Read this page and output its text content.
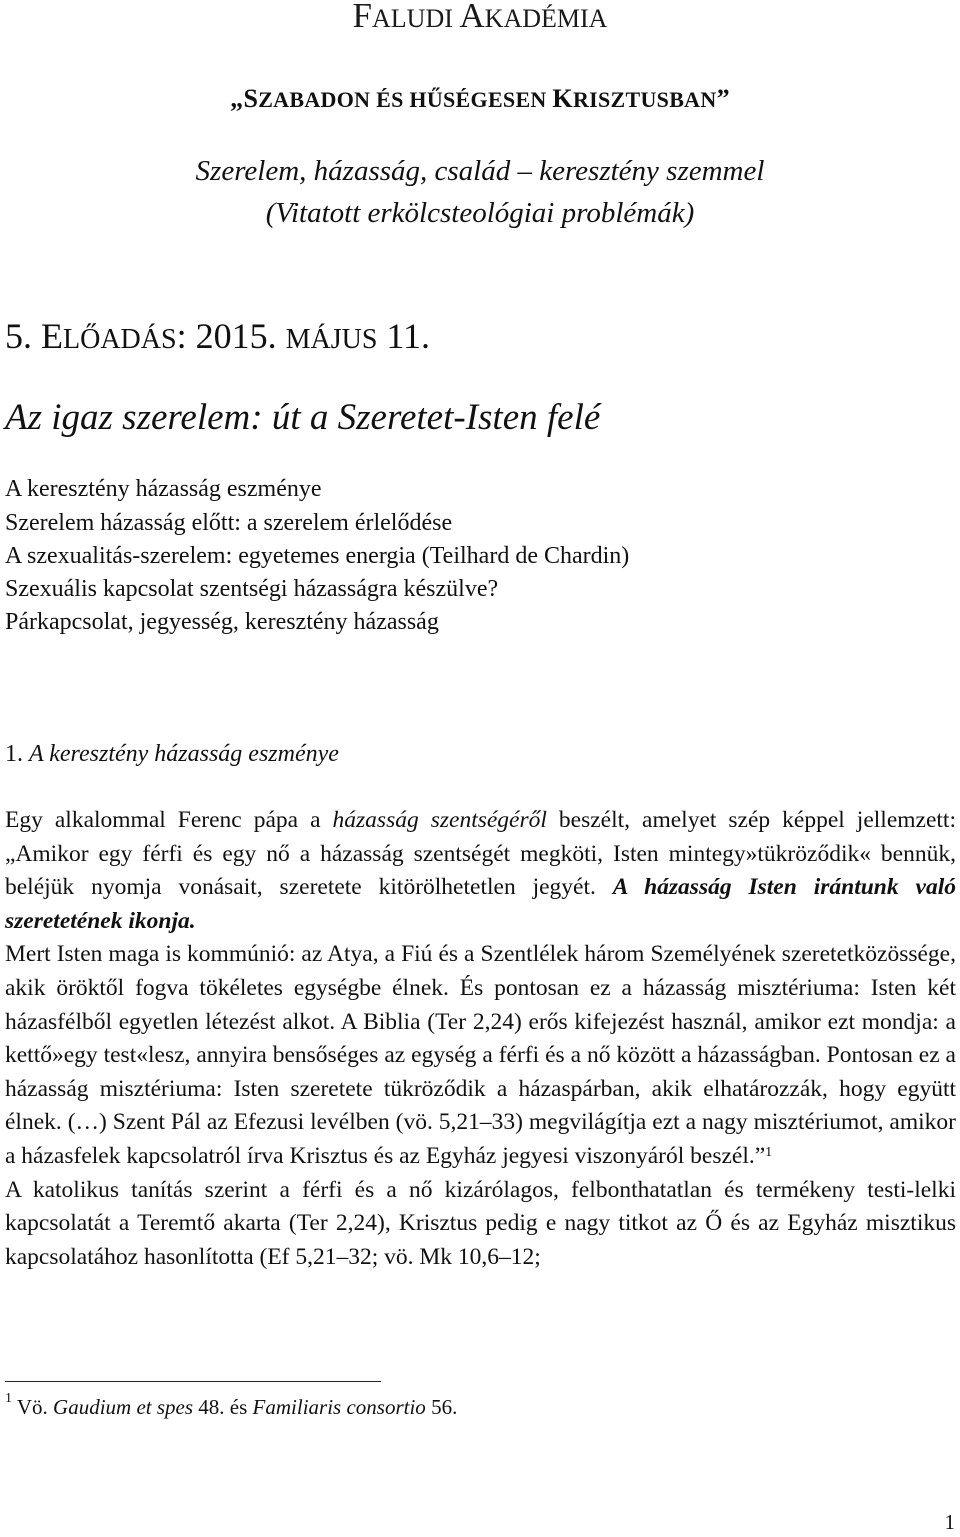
FALUDI AKADÉMIA
„SZABADON ÉS HŰSÉGESEN KRISZTUSBAN”
Szerelem, házasság, család – keresztény szemmel
(Vitatott erkölcsteológiai problémák)
5. ELŐADÁS: 2015. MÁJUS 11.
Az igaz szerelem: út a Szeretet-Isten felé
A keresztény házasság eszménye
Szerelem házasság előtt: a szerelem érlelődése
A szexualitás-szerelem: egyetemes energia (Teilhard de Chardin)
Szexuális kapcsolat szentségi házasságra készülve?
Párkapcsolat, jegyesség, keresztény házasság
1. A keresztény házasság eszménye

Egy alkalommal Ferenc pápa a házasság szentségéről beszélt, amelyet szép képpel jellemzett: „Amikor egy férfi és egy nő a házasság szentségét megköti, Isten mintegy»tükröződik« bennük, beléjük nyomja vonásait, szeretete kitörölhetetlen jegyét. A házasság Isten irántunk való szeretetének ikonja.

Mert Isten maga is kommúnió: az Atya, a Fiú és a Szentlélek három Személyének szeretetközössége, akik öröktől fogva tökéletes egységbe élnek. És pontosan ez a házasság misztériuma: Isten két házasfélből egyetlen létezést alkot. A Biblia (Ter 2,24) erős kifejezést használ, amikor ezt mondja: a kettő»egy test«lesz, annyira bensőséges az egység a férfi és a nő között a házasságban. Pontosan ez a házasság misztériuma: Isten szeretete tükröződik a házaspárban, akik elhatározzák, hogy együtt élnek. (…) Szent Pál az Efezusi levélben (vö. 5,21–33) megvilágítja ezt a nagy misztériumot, amikor a házasfelek kapcsolatról írva Krisztus és az Egyház jegyesi viszonyáról beszél.”$^1$

A katolikus tanítás szerint a férfi és a nő kizárólagos, felbonthatatlan és termékeny testi-lelki kapcsolatát a Teremtő akarta (Ter 2,24), Krisztus pedig e nagy titkot az Ő és az Egyház misztikus kapcsolatához hasonlította (Ef 5,21–32; vö. Mk 10,6–12;

$^1$ Vö. Gaudium et spes 48. és Familiaris consortio 56.
1
